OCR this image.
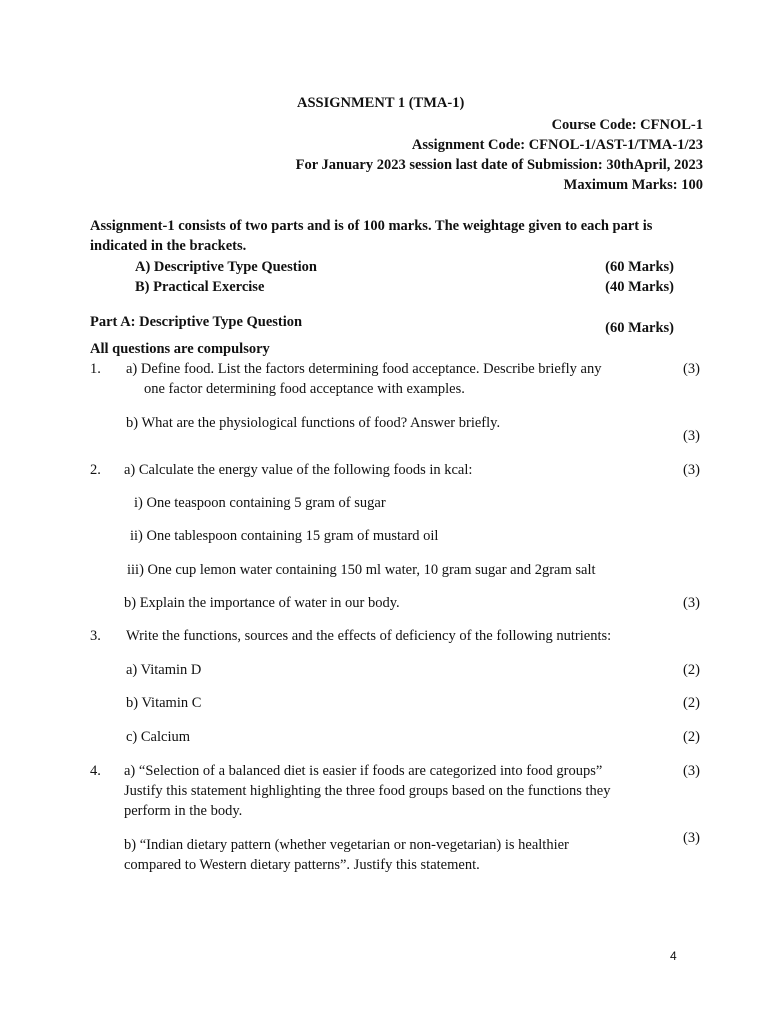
ASSIGNMENT 1 (TMA-1)
Course Code: CFNOL-1
Assignment Code: CFNOL-1/AST-1/TMA-1/23
For January 2023 session last date of Submission: 30thApril, 2023
Maximum Marks: 100
Assignment-1 consists of two parts and is of 100 marks. The weightage given to each part is
indicated in the brackets.
A) Descriptive Type Question	(60 Marks)
B) Practical Exercise	(40 Marks)
Part A: Descriptive Type Question	(60 Marks)
All questions are compulsory
1. a) Define food. List the factors determining food acceptance. Describe briefly any	(3)
one factor determining food acceptance with examples.
b) What are the physiological functions of food? Answer briefly.
(3)
2. a) Calculate the energy value of the following foods in kcal:	(3)
i) One teaspoon containing 5 gram of sugar
ii) One tablespoon containing 15 gram of mustard oil
iii) One cup lemon water containing 150 ml water, 10 gram sugar and 2gram salt
b) Explain the importance of water in our body.	(3)
3. Write the functions, sources and the effects of deficiency of the following nutrients:
a) Vitamin D	(2)
b) Vitamin C	(2)
c) Calcium	(2)
4. a) “Selection of a balanced diet is easier if foods are categorized into food groups”	(3)
Justify this statement highlighting the three food groups based on the functions they
perform in the body.
b) “Indian dietary pattern (whether vegetarian or non-vegetarian) is healthier	(3)
compared to Western dietary patterns”. Justify this statement.
4
